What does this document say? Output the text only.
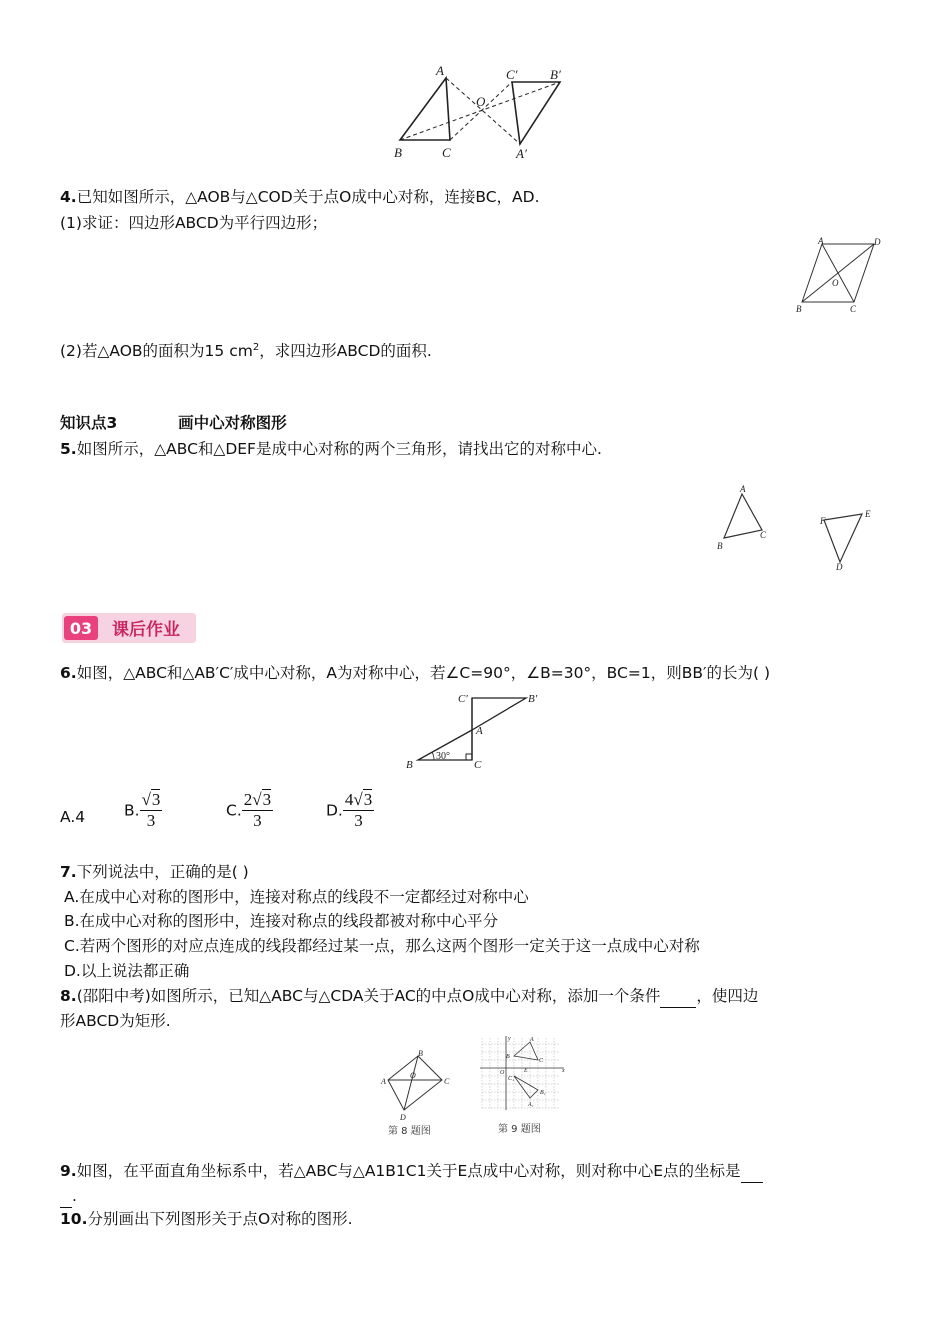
A
B	C
O
C′ B′
A′
4.已知如图所示，△AOB与△COD关于点O成中心对称，连接BC，AD.
(1)求证：四边形ABCD为平行四边形；
A	D
O
B	C
(2)若△AOB的面积为15 $cm^2$，求四边形ABCD的面积.
知识点3	画中心对称图形
5.如图所示，△ABC和△DEF是成中心对称的两个三角形，请找出它的对称中心.
A
B
C
E
F
D
03 课后作业
6.如图，△ABC和△AB′C′成中心对称，A为对称中心，若∠C=90°，∠B=30°，BC=1，则BB′的长为( )
C′	B′
A
B	C
30°
A.4	B. $\frac{√3}{3}$	C. $\frac{2√3}{3}$	D. $\frac{4√3}{3}$
7.下列说法中，正确的是( )
A.在成中心对称的图形中，连接对称点的线段不一定都经过对称中心
B.在成中心对称的图形中，连接对称点的线段都被对称中心平分
C.若两个图形的对应点连成的线段都经过某一点，那么这两个图形一定关于这一点成中心对称
D.以上说法都正确
8.(邵阳中考)如图所示，已知△ABC与△CDA关于AC的中点O成中心对称，添加一个条件 ，使四边
形ABCD为矩形.
B
A
O
C
D
第 8 题图
y
x
O
A
B
C
E
C₁
A₁
B₁
第 9 题图
9.如图，在平面直角坐标系中，若△ABC与△A1B1C1关于E点成中心对称，则对称中心E点的坐标是
.
10.分别画出下列图形关于点O对称的图形.
